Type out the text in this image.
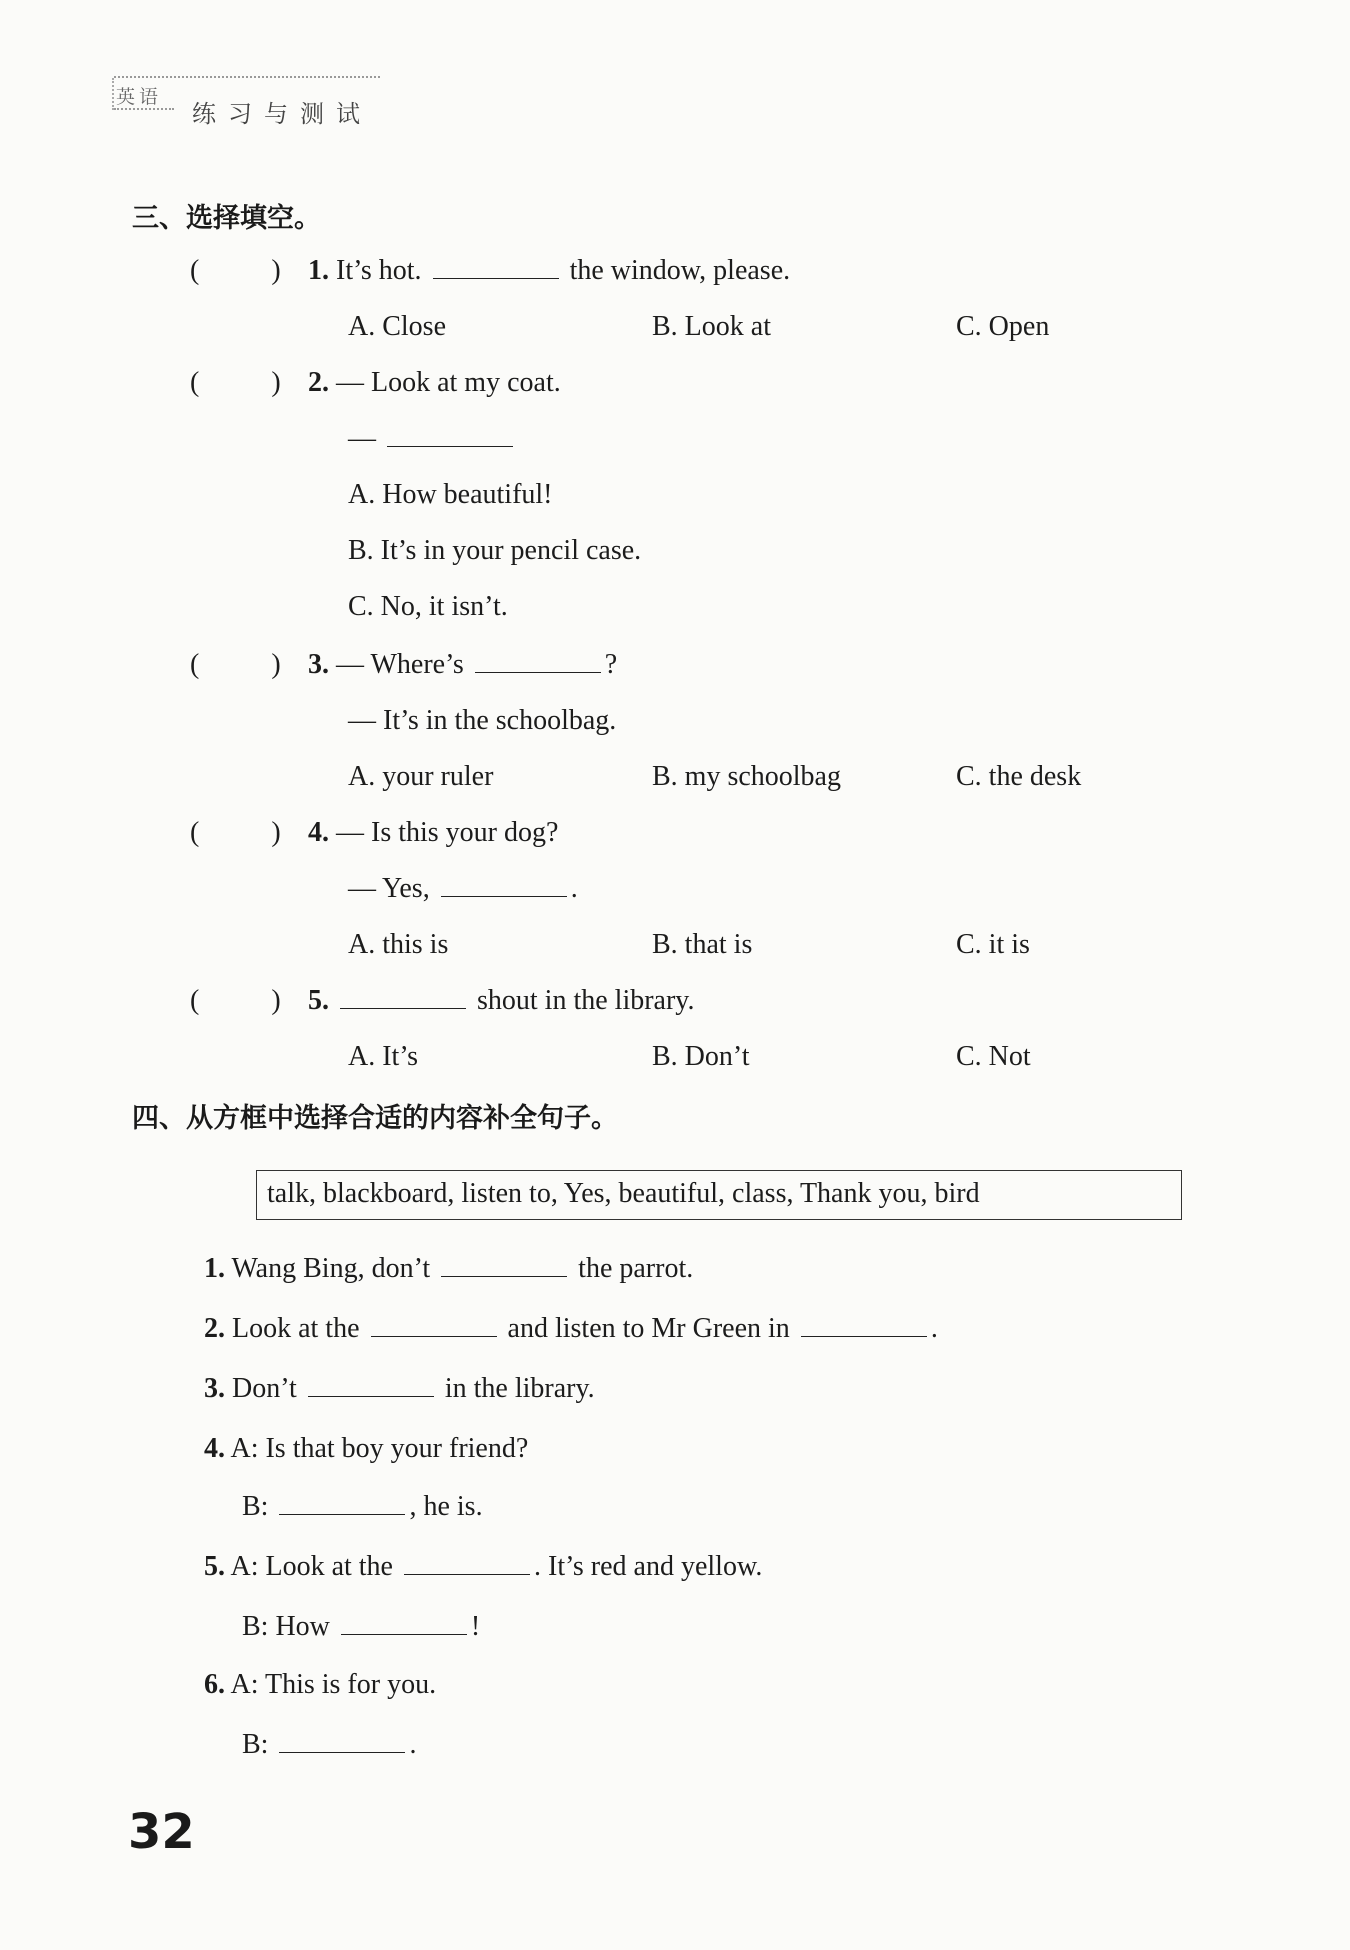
英语
练习与测试
三、选择填空。
(	) 1. It’s hot.	the window, please.
A. Close	B. Look at	C. Open
(	) 2. — Look at my coat.
—
A. How beautiful!
B. It’s in your pencil case.
C. No, it isn’t.
(	) 3. — Where’s	?
— It’s in the schoolbag.
A. your ruler	B. my schoolbag	C. the desk
(	) 4. — Is this your dog?
— Yes,	.
A. this is	B. that is	C. it is
(	) 5.	shout in the library.
A. It’s	B. Don’t	C. Not
四、从方框中选择合适的内容补全句子。
talk, blackboard, listen to, Yes, beautiful, class, Thank you, bird
1. Wang Bing, don’t	the parrot.
2. Look at the	and listen to Mr Green in	.
3. Don’t	in the library.
4. A: Is that boy your friend?
B:	, he is.
5. A: Look at the	. It’s red and yellow.
B: How	!
6. A: This is for you.
B:	.
32
